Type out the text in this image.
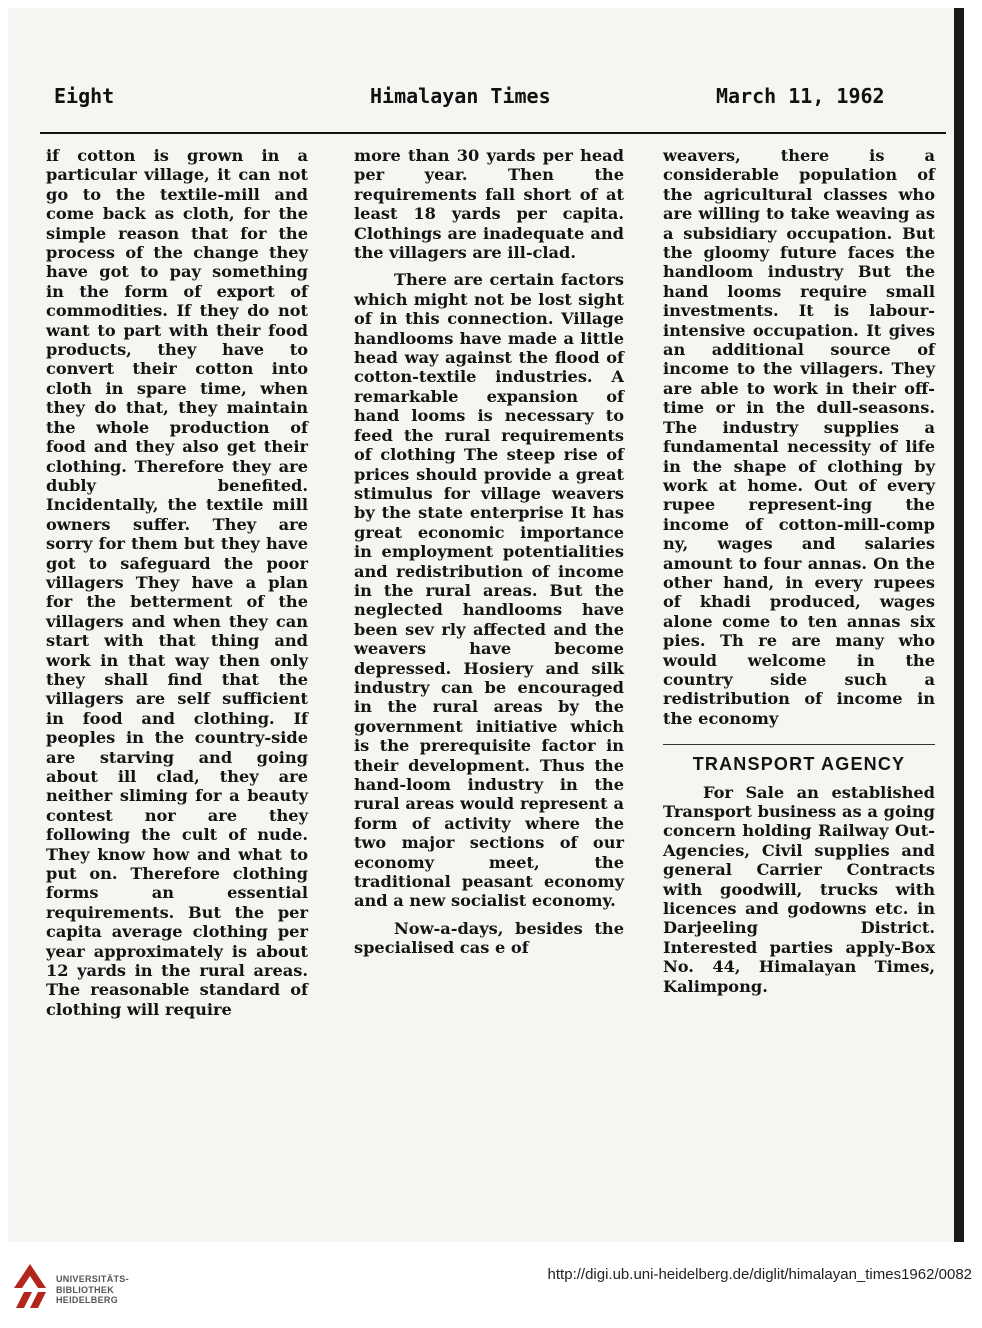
Eight	Himalayan Times	March 11, 1962

if cotton is grown in a particular village, it can not go to the textile-mill and come back as cloth, for the simple reason that for the process of the change they have got to pay something in the form of export of commodities. If they do not want to part with their food products, they have to convert their cotton into cloth in spare time, when they do that, they maintain the whole production of food and they also get their clothing. Therefore they are dubly benefited. Incidentally, the textile mill owners suffer. They are sorry for them but they have got to safeguard the poor villagers They have a plan for the betterment of the villagers and when they can start with that thing and work in that way then only they shall find that the villagers are self sufficient in food and clothing. If peoples in the country-side are starving and going about ill clad, they are neither sliming for a beauty contest nor are they following the cult of nude. They know how and what to put on. Therefore clothing forms an essential requirements. But the per capita average clothing per year approximately is about 12 yards in the rural areas. The reasonable standard of clothing will require

more than 30 yards per head per year. Then the requirements fall short of at least 18 yards per capita. Clothings are inadequate and the villagers are ill-clad.

There are certain factors which might not be lost sight of in this connection. Village handlooms have made a little head way against the flood of cotton-textile industries. A remarkable expansion of hand looms is necessary to feed the rural requirements of clothing The steep rise of prices should provide a great stimulus for village weavers by the state enterprise It has great economic importance in employment potentialities and redistribution of income in the rural areas. But the neglected handlooms have been sev rly affected and the weavers have become depressed. Hosiery and silk industry can be encouraged in the rural areas by the government initiative which is the prerequisite factor in their development. Thus the hand-loom industry in the rural areas would represent a form of activity where the two major sections of our economy meet, the traditional peasant economy and a new socialist economy.

Now-a-days, besides the specialised cas e of

weavers, there is a considerable population of the agricultural classes who are willing to take weaving as a subsidiary occupation. But the gloomy future faces the handloom industry But the hand looms require small investments. It is labour-intensive occupation. It gives an additional source of income to the villagers. They are able to work in their off-time or in the dull-seasons. The industry supplies a fundamental necessity of life in the shape of clothing by work at home. Out of every rupee represent-ing the income of cotton-mill-comp ny, wages and salaries amount to four annas. On the other hand, in every rupees of khadi produced, wages alone come to ten annas six pies. Th re are many who would welcome in the country side such a redistribution of income in the economy

TRANSPORT AGENCY

For Sale an established Transport business as a going concern holding Railway Out-Agencies, Civil supplies and general Carrier Contracts with goodwill, trucks with licences and godowns etc. in Darjeeling District. Interested parties apply-Box No. 44, Himalayan Times, Kalimpong.

UNIVERSITÄTS-
BIBLIOTHEK
HEIDELBERG
http://digi.ub.uni-heidelberg.de/diglit/himalayan_times1962/0082
